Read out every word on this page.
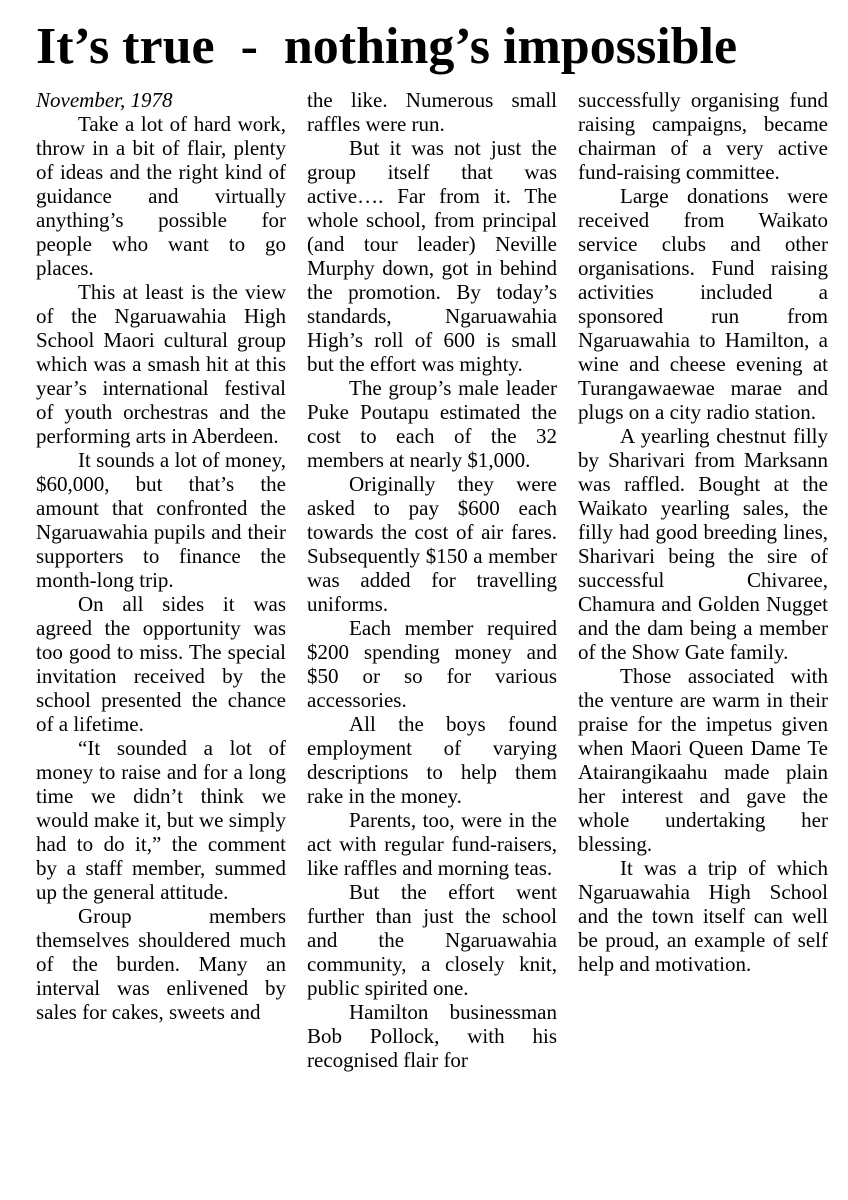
It’s true  -  nothing’s impossible

November, 1978

Take a lot of hard work, throw in a bit of flair, plenty of ideas and the right kind of guidance and virtually anything’s possible for people who want to go places.

This at least is the view of the Ngaruawahia High School Maori cultural group which was a smash hit at this year’s international festival of youth orchestras and the performing arts in Aberdeen.

It sounds a lot of money, $60,000, but that’s the amount that confronted the Ngaruawahia pupils and their supporters to finance the month-long trip.

On all sides it was agreed the opportunity was too good to miss. The special invitation received by the school presented the chance of a lifetime.

“It sounded a lot of money to raise and for a long time we didn’t think we would make it, but we simply had to do it,” the comment by a staff member, summed up the general attitude.

Group members themselves shouldered much of the burden. Many an interval was enlivened by sales for cakes, sweets and

the like. Numerous small raffles were run.

But it was not just the group itself that was active…. Far from it. The whole school, from principal (and tour leader) Neville Murphy down, got in behind the promotion. By today’s standards, Ngaruawahia High’s roll of 600 is small but the effort was mighty.

The group’s male leader Puke Poutapu estimated the cost to each of the 32 members at nearly $1,000.

Originally they were asked to pay $600 each towards the cost of air fares. Subsequently $150 a member was added for travelling uniforms.

Each member required $200 spending money and $50 or so for various accessories.

All the boys found employment of varying descriptions to help them rake in the money.

Parents, too, were in the act with regular fund-raisers, like raffles and morning teas.

But the effort went further than just the school and the Ngaruawahia community, a closely knit, public spirited one.

Hamilton businessman Bob Pollock, with his recognised flair for

successfully organising fund raising campaigns, became chairman of a very active fund-raising committee.

Large donations were received from Waikato service clubs and other organisations. Fund raising activities included a sponsored run from Ngaruawahia to Hamilton, a wine and cheese evening at Turangawaewae marae and plugs on a city radio station.

A yearling chestnut filly by Sharivari from Marksann was raffled. Bought at the Waikato yearling sales, the filly had good breeding lines, Sharivari being the sire of successful Chivaree, Chamura and Golden Nugget and the dam being a member of the Show Gate family.

Those associated with the venture are warm in their praise for the impetus given when Maori Queen Dame Te Atairangikaahu made plain her interest and gave the whole undertaking her blessing.

It was a trip of which Ngaruawahia High School and the town itself can well be proud, an example of self help and motivation.
